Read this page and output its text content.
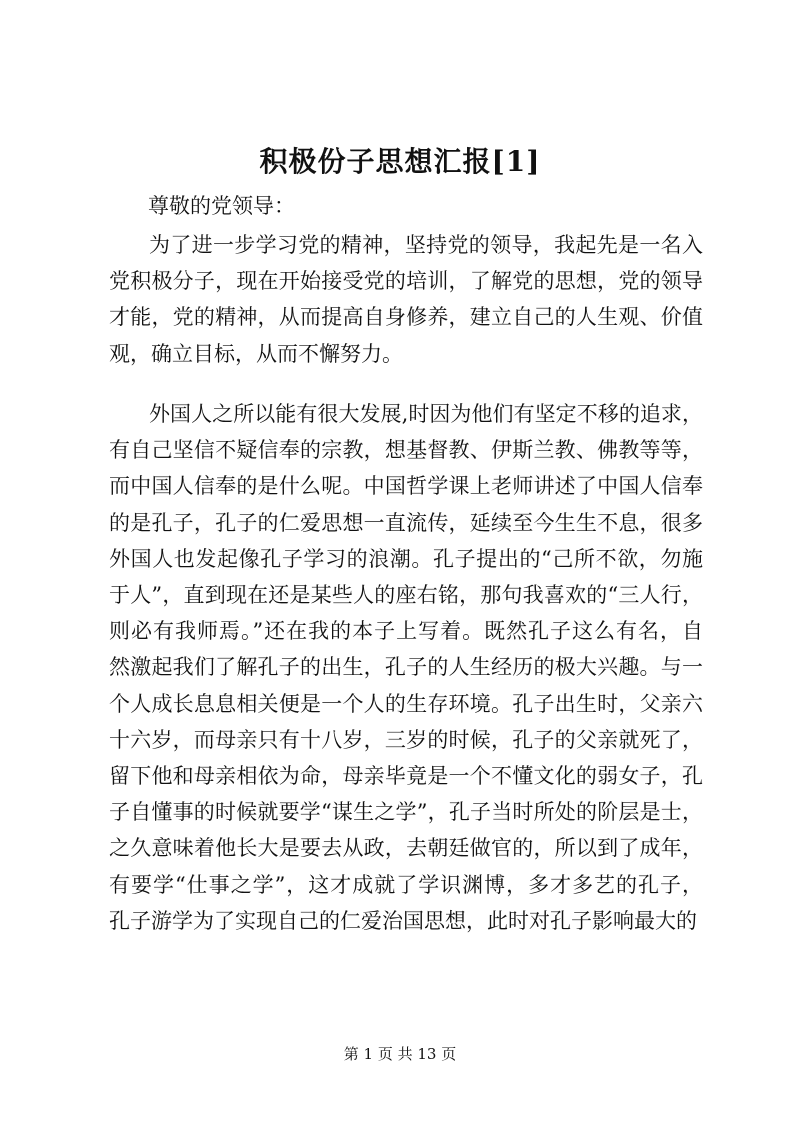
积极份子思想汇报[1]

尊敬的党领导：

为了进一步学习党的精神，坚持党的领导，我起先是一名入
党积极分子，现在开始接受党的培训，了解党的思想，党的领导
才能，党的精神，从而提高自身修养，建立自己的人生观、价值
观，确立目标，从而不懈努力。
外国人之所以能有很大发展,时因为他们有坚定不移的追求，
有自己坚信不疑信奉的宗教，想基督教、伊斯兰教、佛教等等，
而中国人信奉的是什么呢。中国哲学课上老师讲述了中国人信奉
的是孔子，孔子的仁爱思想一直流传，延续至今生生不息，很多
外国人也发起像孔子学习的浪潮。孔子提出的“己所不欲，勿施
于人”，直到现在还是某些人的座右铭，那句我喜欢的“三人行，
则必有我师焉。”还在我的本子上写着。既然孔子这么有名，自
然激起我们了解孔子的出生，孔子的人生经历的极大兴趣。与一
个人成长息息相关便是一个人的生存环境。孔子出生时，父亲六
十六岁，而母亲只有十八岁，三岁的时候，孔子的父亲就死了，
留下他和母亲相依为命，母亲毕竟是一个不懂文化的弱女子，孔
子自懂事的时候就要学“谋生之学”，孔子当时所处的阶层是士，
之久意味着他长大是要去从政，去朝廷做官的，所以到了成年，
有要学“仕事之学”，这才成就了学识渊博，多才多艺的孔子，
孔子游学为了实现自己的仁爱治国思想，此时对孔子影响最大的

第 1 页 共 13 页
